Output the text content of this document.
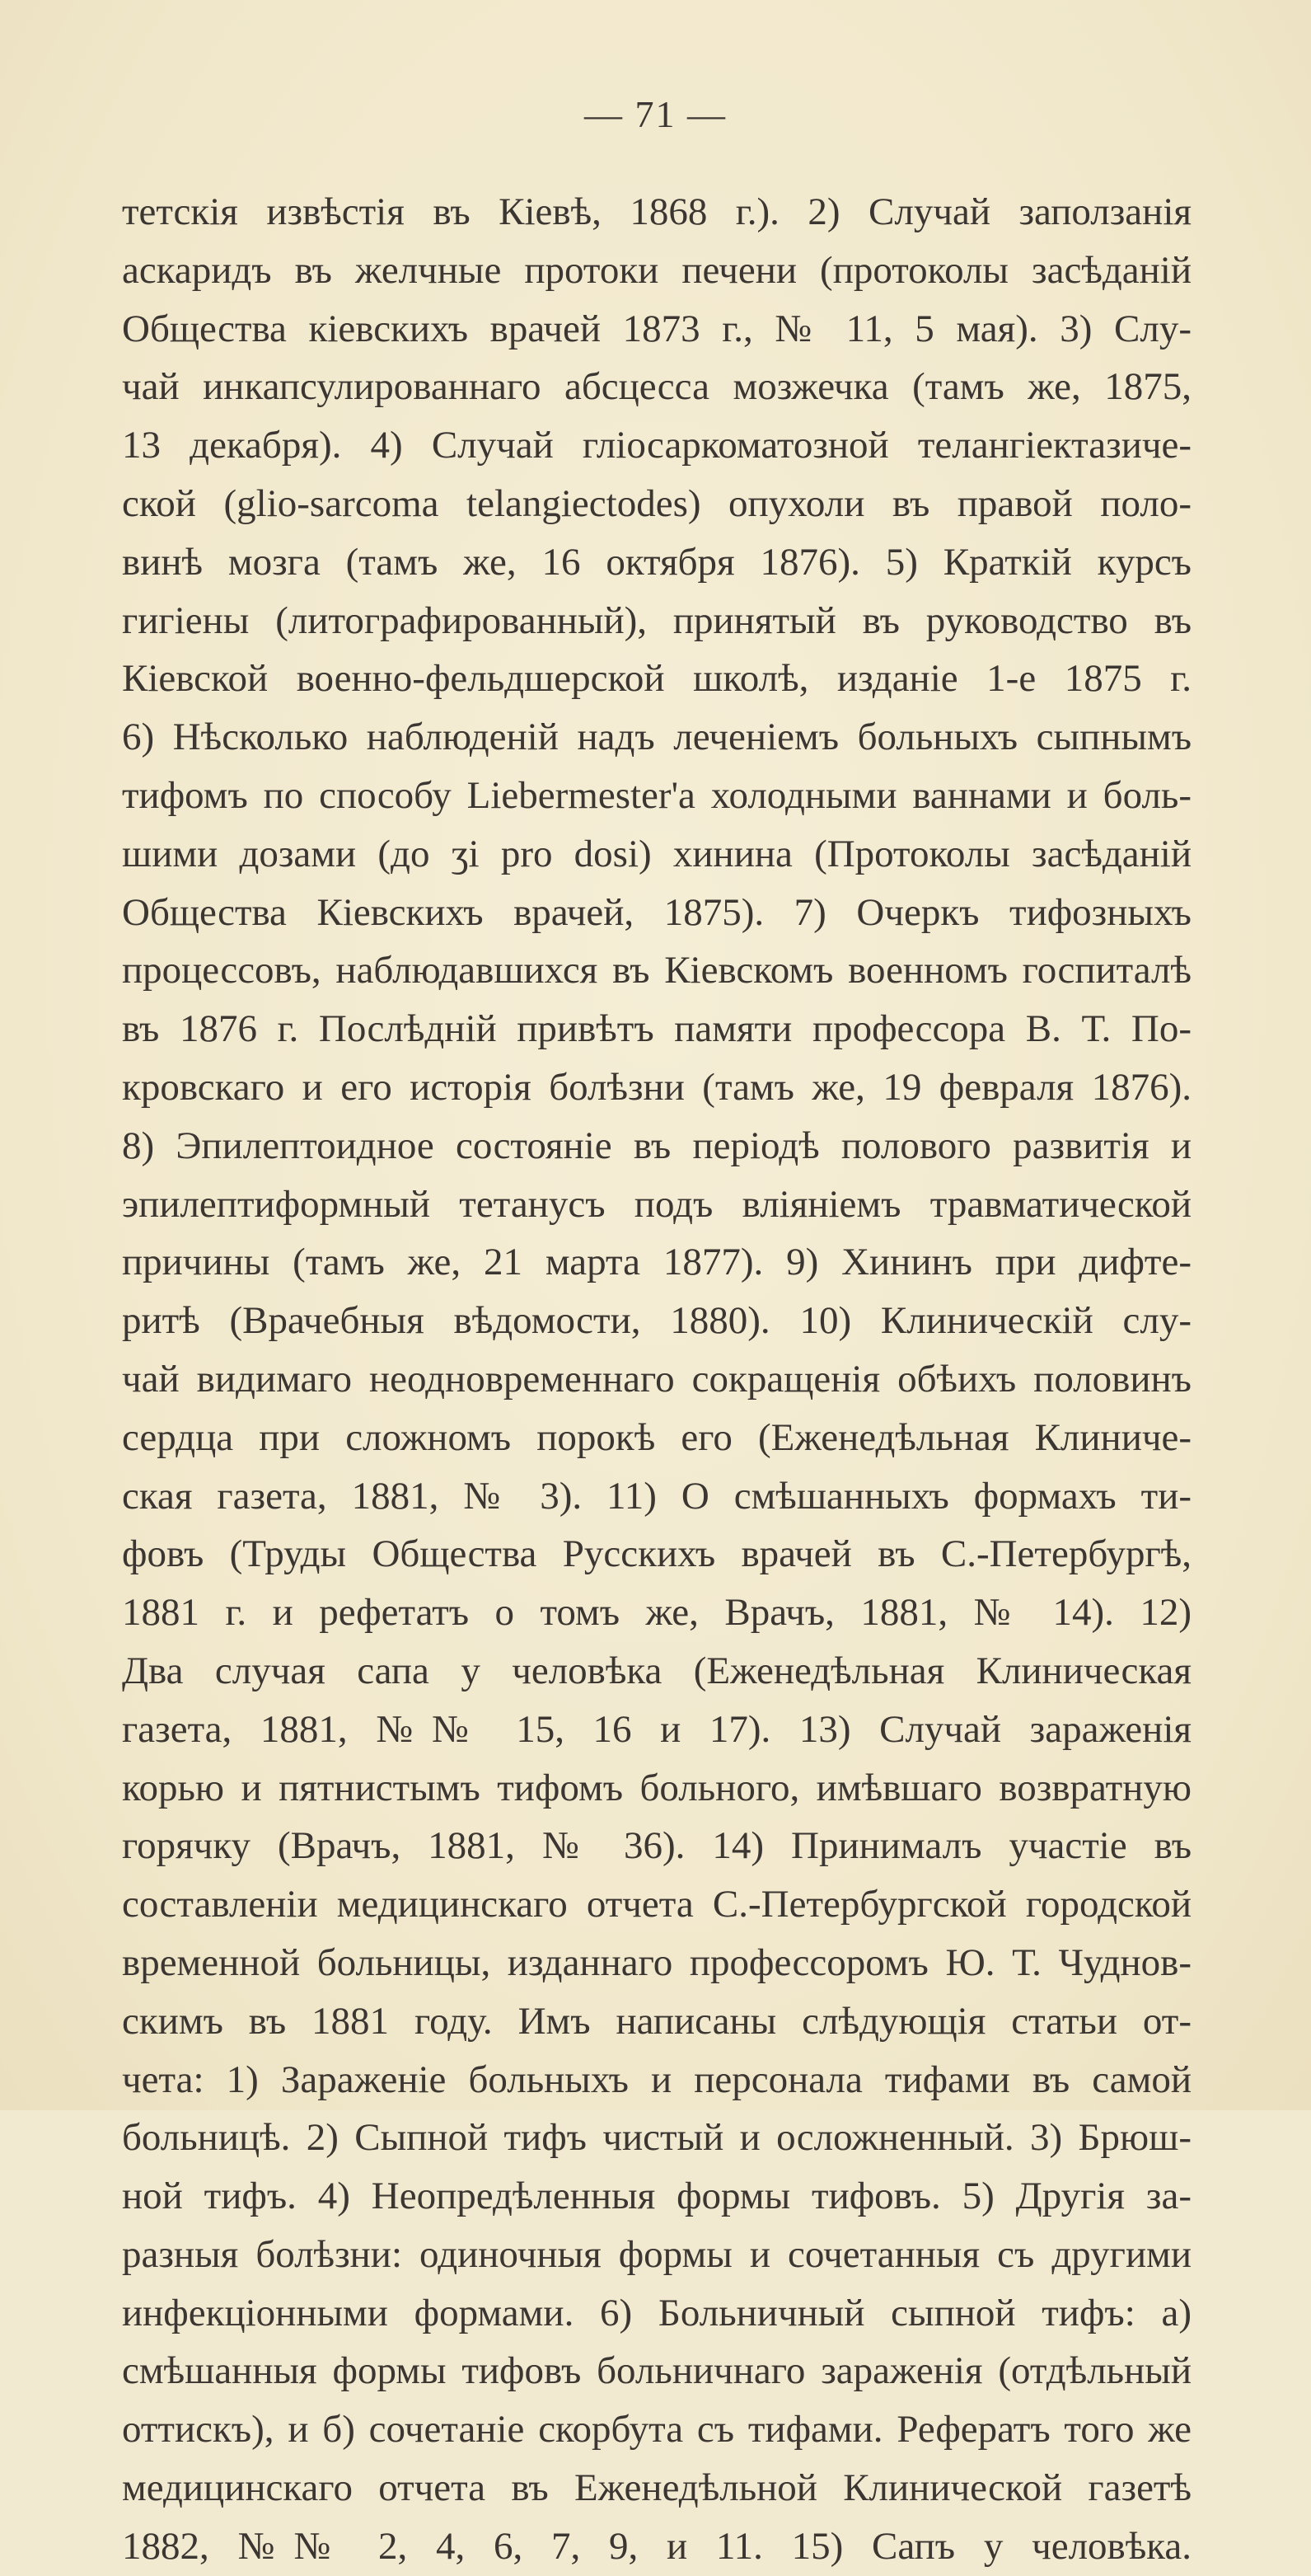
— 71 —
тетскія извѣстія въ Кіевѣ, 1868 г.). 2) Случай заползанія
аскаридъ въ желчные протоки печени (протоколы засѣданій
Общества кіевскихъ врачей 1873 г., № 11, 5 мая). 3) Слу-
чай инкапсулированнаго абсцесса мозжечка (тамъ же, 1875,
13 декабря). 4) Случай гліосаркоматозной телангіектазиче-
ской (glio-sarcoma telangiectodes) опухоли въ правой поло-
винѣ мозга (тамъ же, 16 октября 1876). 5) Краткій курсъ
гигіены (литографированный), принятый въ руководство въ
Кіевской военно-фельдшерской школѣ, изданіе 1-е 1875 г.
6) Нѣсколько наблюденій надъ леченіемъ больныхъ сыпнымъ
тифомъ по способу Liebermester'а холодными ваннами и боль-
шими дозами (до ʒi pro dosi) хинина (Протоколы засѣданій
Общества Кіевскихъ врачей, 1875). 7) Очеркъ тифозныхъ
процессовъ, наблюдавшихся въ Кіевскомъ военномъ госпиталѣ
въ 1876 г. Послѣдній привѣтъ памяти профессора В. Т. По-
кровскаго и его исторія болѣзни (тамъ же, 19 февраля 1876).
8) Эпилептоидное состояніе въ періодѣ полового развитія и
эпилептиформный тетанусъ подъ вліяніемъ травматической
причины (тамъ же, 21 марта 1877). 9) Хининъ при дифте-
ритѣ (Врачебныя вѣдомости, 1880). 10) Клиническій слу-
чай видимаго неодновременнаго сокращенія обѣихъ половинъ
сердца при сложномъ порокѣ его (Еженедѣльная Клиниче-
ская газета, 1881, № 3). 11) О смѣшанныхъ формахъ ти-
фовъ (Труды Общества Русскихъ врачей въ С.-Петербургѣ,
1881 г. и рефетатъ о томъ же, Врачъ, 1881, № 14). 12)
Два случая сапа у человѣка (Еженедѣльная Клиническая
газета, 1881, №№ 15, 16 и 17). 13) Случай зараженія
корью и пятнистымъ тифомъ больного, имѣвшаго возвратную
горячку (Врачъ, 1881, № 36). 14) Принималъ участіе въ
составленіи медицинскаго отчета С.-Петербургской городской
временной больницы, изданнаго профессоромъ Ю. Т. Чуднов-
скимъ въ 1881 году. Имъ написаны слѣдующія статьи от-
чета: 1) Зараженіе больныхъ и персонала тифами въ самой
больницѣ. 2) Сыпной тифъ чистый и осложненный. 3) Брюш-
ной тифъ. 4) Неопредѣленныя формы тифовъ. 5) Другія за-
разныя болѣзни: одиночныя формы и сочетанныя съ другими
инфекціонными формами. 6) Больничный сыпной тифъ: а)
смѣшанныя формы тифовъ больничнаго зараженія (отдѣльный
оттискъ), и б) сочетаніе скорбута съ тифами. Рефератъ того же
медицинскаго отчета въ Еженедѣльной Клинической газетѣ
1882, №№ 2, 4, 6, 7, 9, и 11. 15) Сапъ у человѣка.
